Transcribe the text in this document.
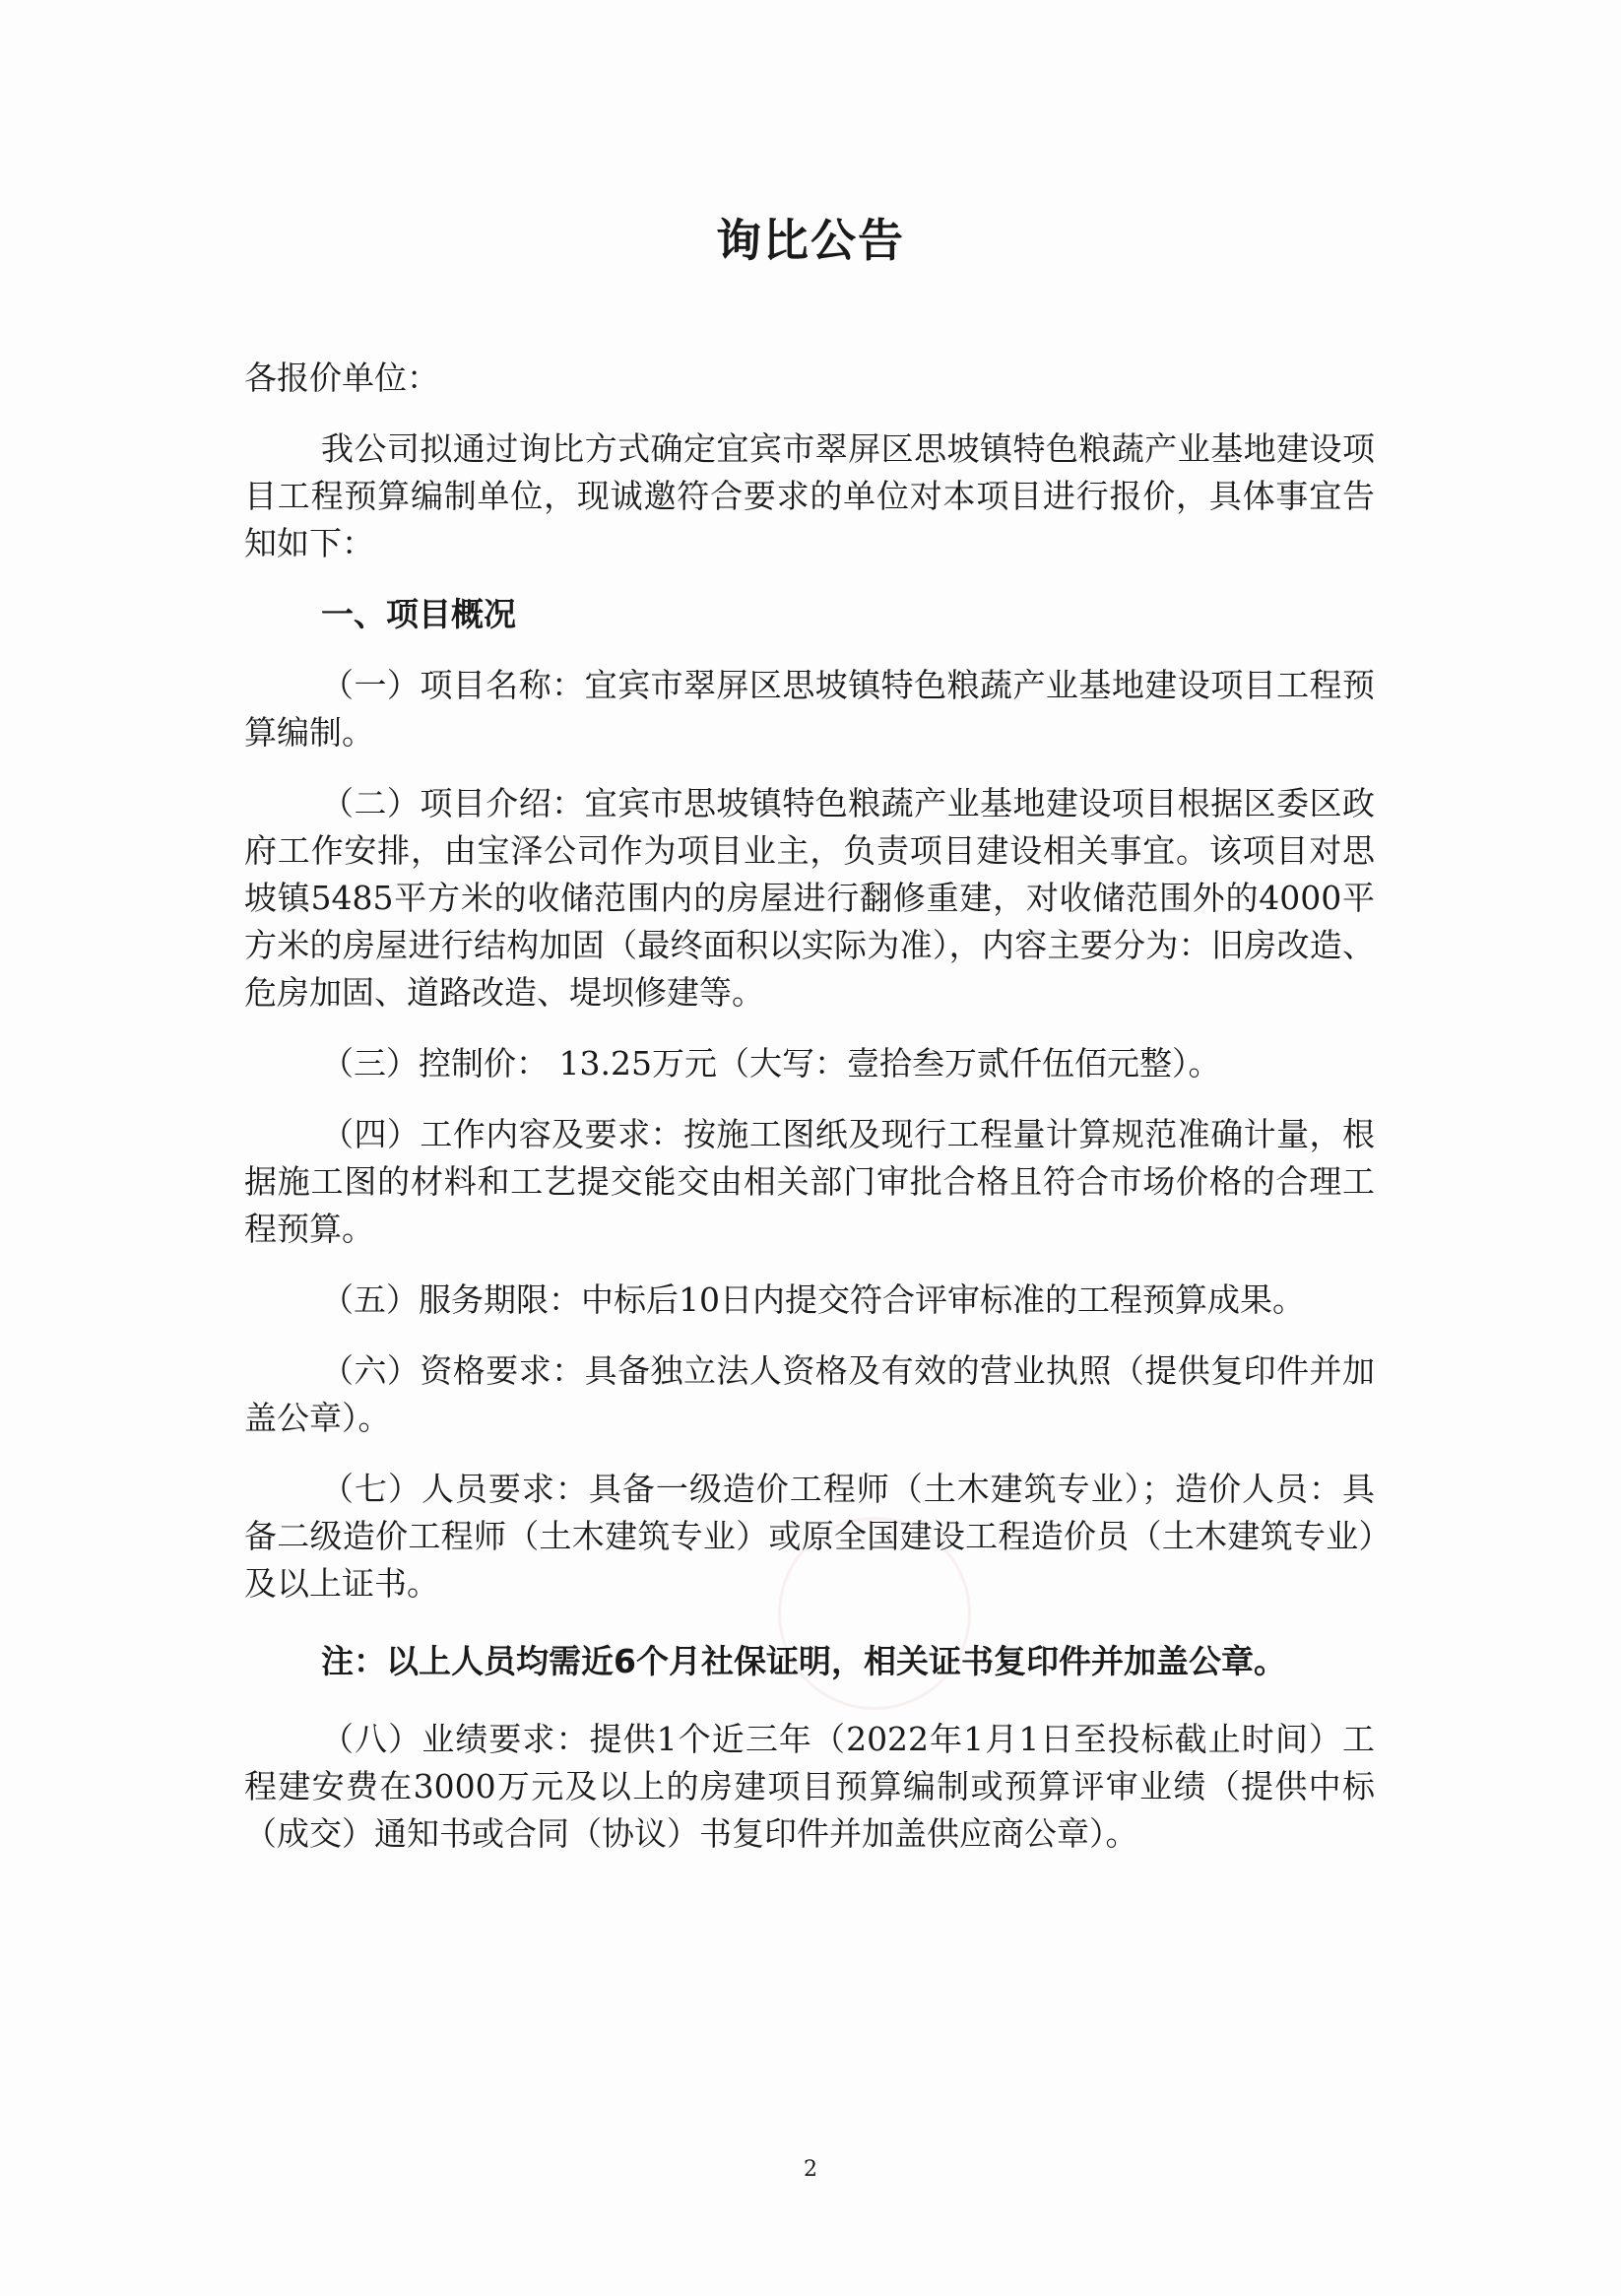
询比公告

各报价单位：

我公司拟通过询比方式确定宜宾市翠屏区思坡镇特色粮蔬产业基地建设项目工程预算编制单位，现诚邀符合要求的单位对本项目进行报价，具体事宜告知如下：

一、项目概况

（一）项目名称：宜宾市翠屏区思坡镇特色粮蔬产业基地建设项目工程预算编制。

（二）项目介绍：宜宾市思坡镇特色粮蔬产业基地建设项目根据区委区政府工作安排，由宝泽公司作为项目业主，负责项目建设相关事宜。该项目对思坡镇5485平方米的收储范围内的房屋进行翻修重建，对收储范围外的4000平方米的房屋进行结构加固（最终面积以实际为准），内容主要分为：旧房改造、危房加固、道路改造、堤坝修建等。

（三）控制价： 13.25万元（大写：壹拾叁万贰仟伍佰元整）。

（四）工作内容及要求：按施工图纸及现行工程量计算规范准确计量，根据施工图的材料和工艺提交能交由相关部门审批合格且符合市场价格的合理工程预算。

（五）服务期限：中标后10日内提交符合评审标准的工程预算成果。

（六）资格要求：具备独立法人资格及有效的营业执照（提供复印件并加盖公章）。

（七）人员要求：具备一级造价工程师（土木建筑专业）；造价人员：具备二级造价工程师（土木建筑专业）或原全国建设工程造价员（土木建筑专业）及以上证书。

注：以上人员均需近6个月社保证明，相关证书复印件并加盖公章。

（八）业绩要求：提供1个近三年（2022年1月1日至投标截止时间）工程建安费在3000万元及以上的房建项目预算编制或预算评审业绩（提供中标（成交）通知书或合同（协议）书复印件并加盖供应商公章）。

2
